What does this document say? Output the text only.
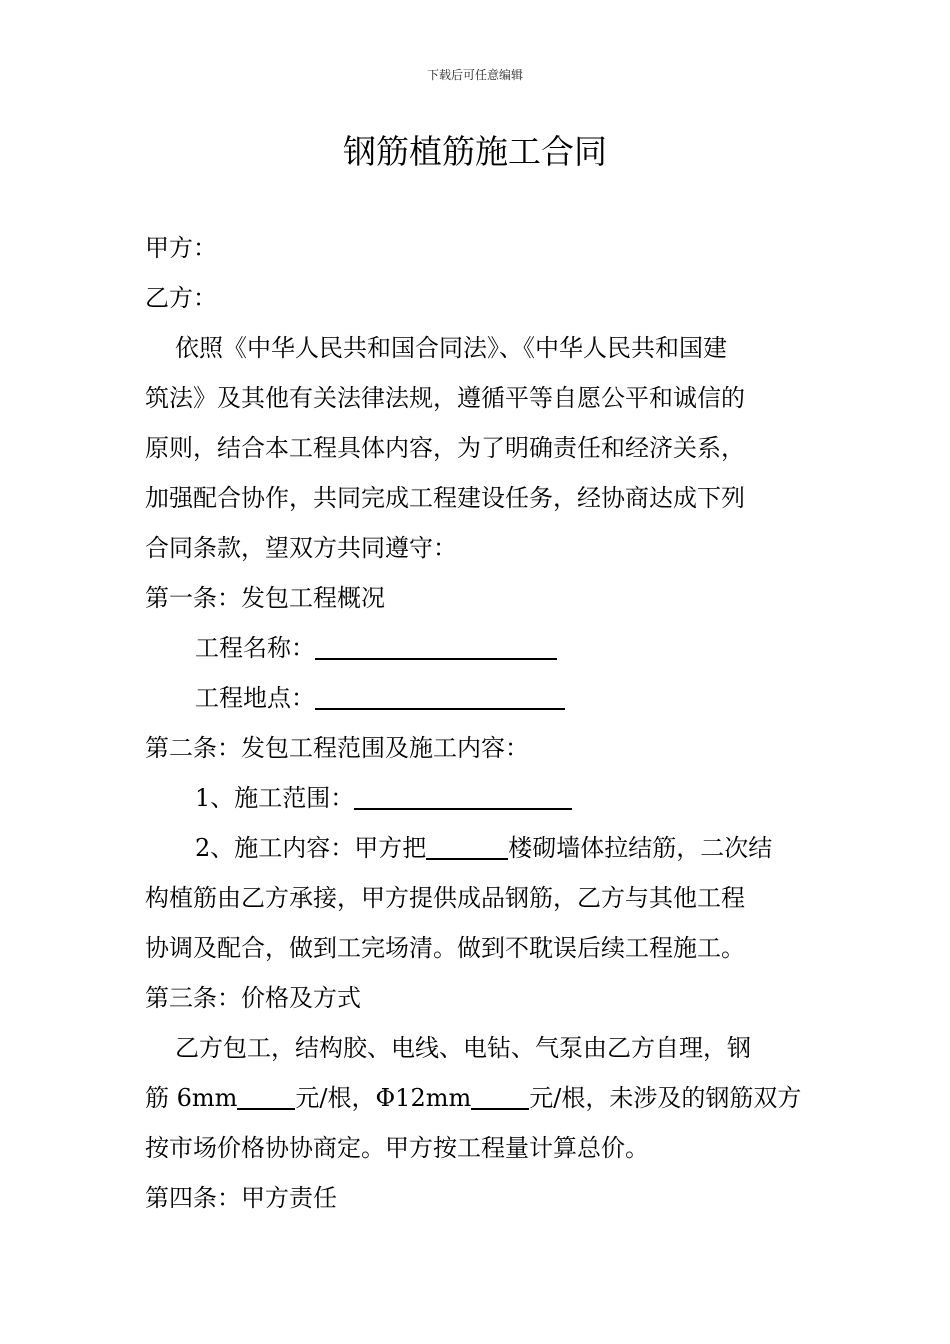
下载后可任意编辑
钢筋植筋施工合同
甲方：
乙方：
依照《中华人民共和国合同法》、《中华人民共和国建
筑法》及其他有关法律法规，遵循平等自愿公平和诚信的
原则，结合本工程具体内容，为了明确责任和经济关系，
加强配合协作，共同完成工程建设任务，经协商达成下列
合同条款，望双方共同遵守：
第一条：发包工程概况
工程名称：
工程地点：
第二条：发包工程范围及施工内容：
1、施工范围：
2、施工内容：甲方把	楼砌墙体拉结筋，二次结
构植筋由乙方承接，甲方提供成品钢筋，乙方与其他工程
协调及配合，做到工完场清。做到不耽误后续工程施工。
第三条：价格及方式
乙方包工，结构胶、电线、电钻、气泵由乙方自理，钢
筋 6mm 元/根，Φ12mm 元/根，未涉及的钢筋双方
按市场价格协协商定。甲方按工程量计算总价。
第四条：甲方责任
